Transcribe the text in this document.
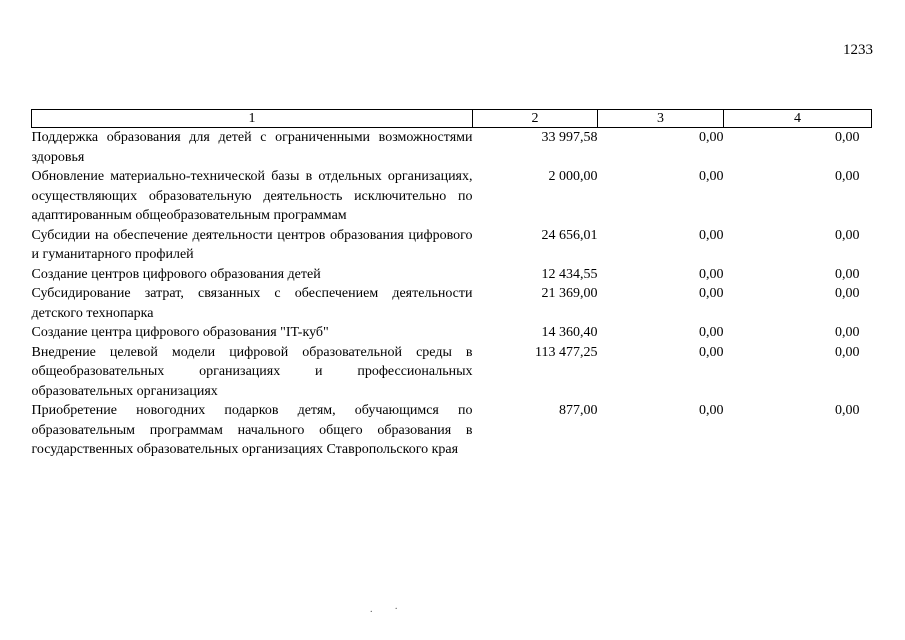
1233
1	2	3	4
Поддержка образования для детей с ограниченными возможностями здоровья	33 997,58	0,00	0,00
Обновление материально-технической базы в отдельных организациях, осуществляющих образовательную деятельность исключительно по адаптированным общеобразовательным программам	2 000,00	0,00	0,00
Субсидии на обеспечение деятельности центров образования цифрового и гуманитарного профилей	24 656,01	0,00	0,00
Создание центров цифрового образования детей	12 434,55	0,00	0,00
Субсидирование затрат, связанных с обеспечением деятельности детского технопарка	21 369,00	0,00	0,00
Создание центра цифрового образования "IT-куб"	14 360,40	0,00	0,00
Внедрение целевой модели цифровой образовательной среды в общеобразовательных организациях и профессиональных образовательных организациях	113 477,25	0,00	0,00
Приобретение новогодних подарков детям, обучающимся по образовательным программам начального общего образования в государственных образовательных организациях Ставропольского края	877,00	0,00	0,00
.·
